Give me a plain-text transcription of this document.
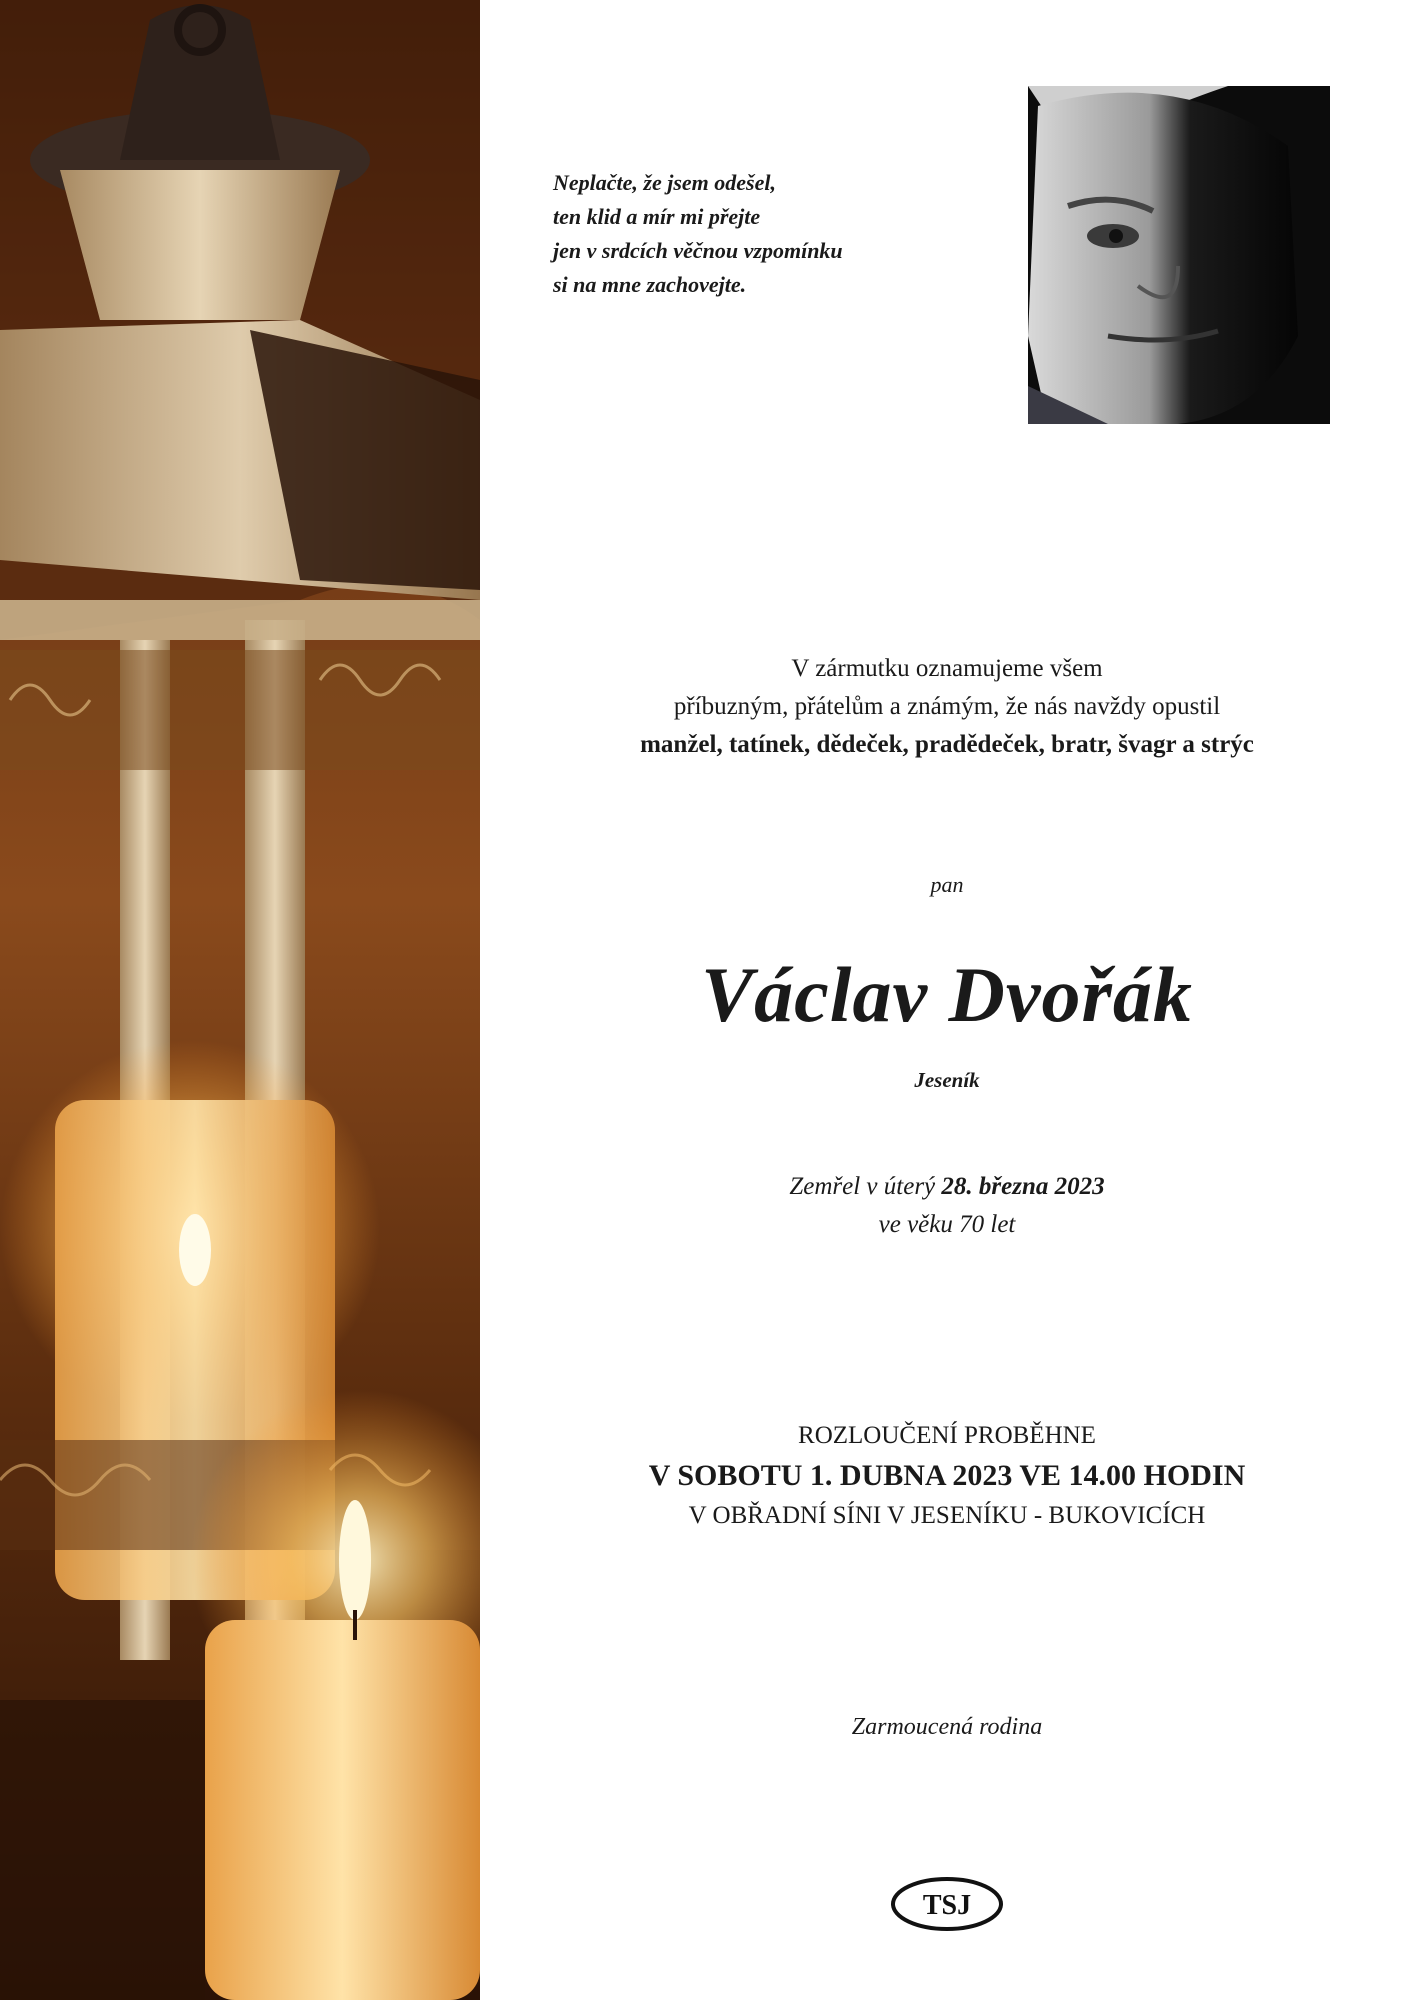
Neplačte, že jsem odešel,
ten klid a mír mi přejte
jen v srdcích věčnou vzpomínku
si na mne zachovejte.
V zármutku oznamujeme všem
příbuzným, přátelům a známým, že nás navždy opustil
manžel, tatínek, dědeček, pradědeček, bratr, švagr a strýc
pan
Václav Dvořák
Jeseník
Zemřel v úterý 28. března 2023
ve věku 70 let
ROZLOUČENÍ PROBĚHNE
V SOBOTU 1. DUBNA 2023 VE 14.00 HODIN
V OBŘADNÍ SÍNI V JESENÍKU - BUKOVICÍCH
Zarmoucená rodina
TSJ
